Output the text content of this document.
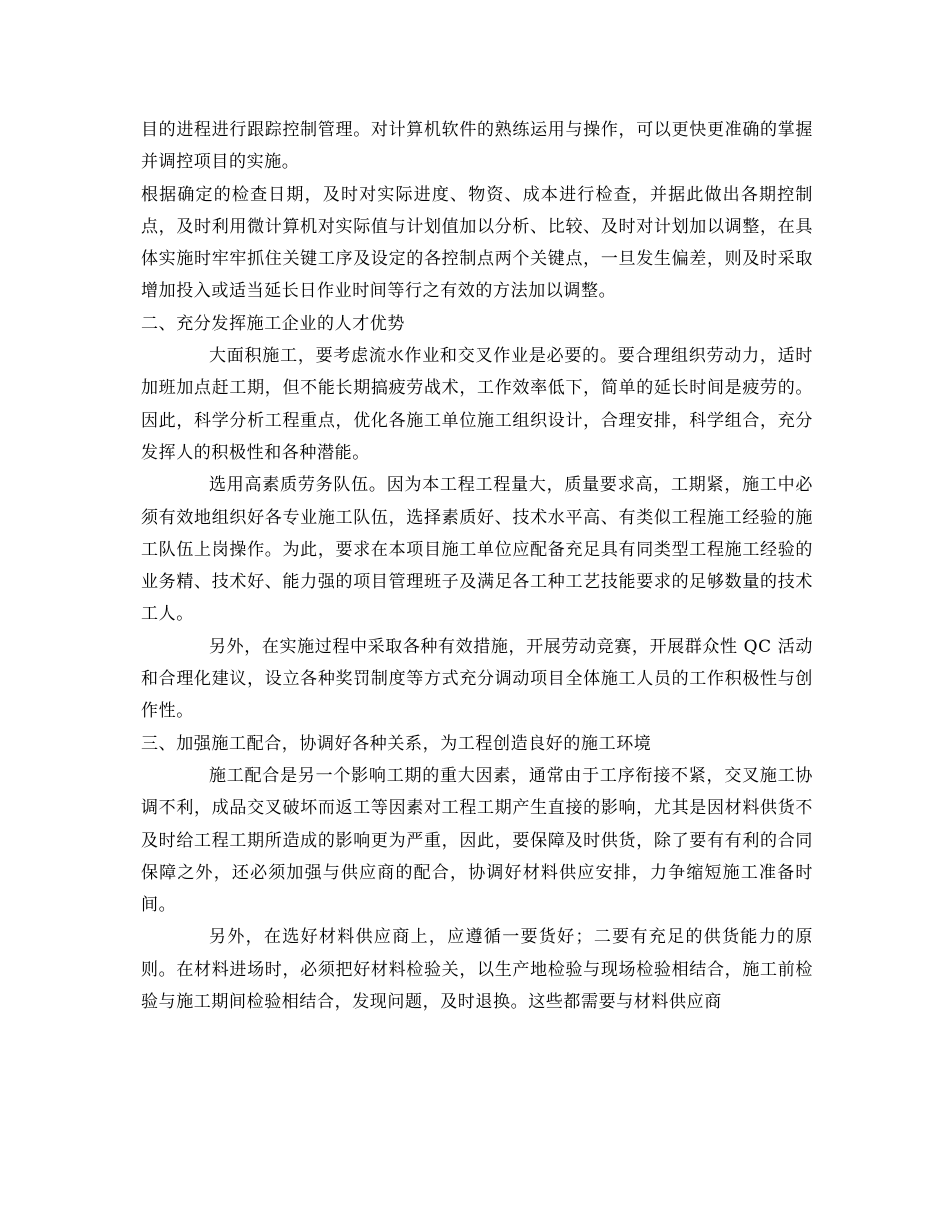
目的进程进行跟踪控制管理。对计算机软件的熟练运用与操作，可以更快更准确的掌握并调控项目的实施。

根据确定的检查日期，及时对实际进度、物资、成本进行检查，并据此做出各期控制点，及时利用微计算机对实际值与计划值加以分析、比较、及时对计划加以调整，在具体实施时牢牢抓住关键工序及设定的各控制点两个关键点，一旦发生偏差，则及时采取增加投入或适当延长日作业时间等行之有效的方法加以调整。

二、充分发挥施工企业的人才优势

大面积施工，要考虑流水作业和交叉作业是必要的。要合理组织劳动力，适时加班加点赶工期，但不能长期搞疲劳战术，工作效率低下，简单的延长时间是疲劳的。因此，科学分析工程重点，优化各施工单位施工组织设计，合理安排，科学组合，充分发挥人的积极性和各种潜能。

选用高素质劳务队伍。因为本工程工程量大，质量要求高，工期紧，施工中必须有效地组织好各专业施工队伍，选择素质好、技术水平高、有类似工程施工经验的施工队伍上岗操作。为此，要求在本项目施工单位应配备充足具有同类型工程施工经验的业务精、技术好、能力强的项目管理班子及满足各工种工艺技能要求的足够数量的技术工人。

另外，在实施过程中采取各种有效措施，开展劳动竞赛，开展群众性 QC 活动和合理化建议，设立各种奖罚制度等方式充分调动项目全体施工人员的工作积极性与创作性。

三、加强施工配合，协调好各种关系，为工程创造良好的施工环境

施工配合是另一个影响工期的重大因素，通常由于工序衔接不紧，交叉施工协调不利，成品交叉破坏而返工等因素对工程工期产生直接的影响，尤其是因材料供货不及时给工程工期所造成的影响更为严重，因此，要保障及时供货，除了要有有利的合同保障之外，还必须加强与供应商的配合，协调好材料供应安排，力争缩短施工准备时间。

另外，在选好材料供应商上，应遵循一要货好；二要有充足的供货能力的原则。在材料进场时，必须把好材料检验关，以生产地检验与现场检验相结合，施工前检验与施工期间检验相结合，发现问题，及时退换。这些都需要与材料供应商
